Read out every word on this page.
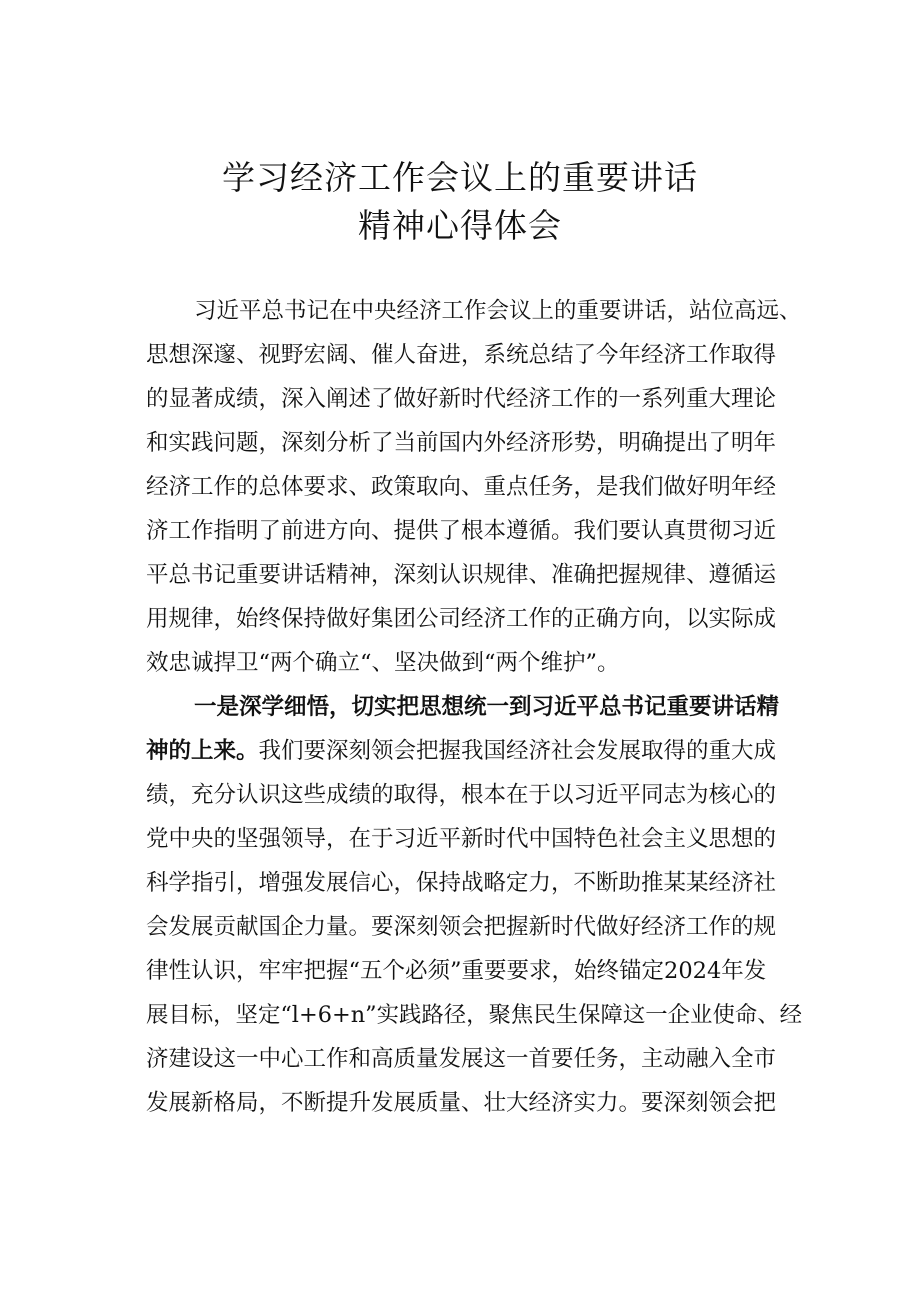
学习经济工作会议上的重要讲话
精神心得体会
习近平总书记在中央经济工作会议上的重要讲话，站位高远、
思想深邃、视野宏阔、催人奋进，系统总结了今年经济工作取得
的显著成绩，深入阐述了做好新时代经济工作的一系列重大理论
和实践问题，深刻分析了当前国内外经济形势，明确提出了明年
经济工作的总体要求、政策取向、重点任务，是我们做好明年经
济工作指明了前进方向、提供了根本遵循。我们要认真贯彻习近
平总书记重要讲话精神，深刻认识规律、准确把握规律、遵循运
用规律，始终保持做好集团公司经济工作的正确方向，以实际成
效忠诚捍卫“两个确立“、坚决做到“两个维护”。
一是深学细悟，切实把思想统一到习近平总书记重要讲话精
神的上来。我们要深刻领会把握我国经济社会发展取得的重大成
绩，充分认识这些成绩的取得，根本在于以习近平同志为核心的
党中央的坚强领导，在于习近平新时代中国特色社会主义思想的
科学指引，增强发展信心，保持战略定力，不断助推某某经济社
会发展贡献国企力量。要深刻领会把握新时代做好经济工作的规
律性认识，牢牢把握“五个必须”重要要求，始终锚定2024年发
展目标，坚定“l+6+n”实践路径，聚焦民生保障这一企业使命、经
济建设这一中心工作和高质量发展这一首要任务，主动融入全市
发展新格局，不断提升发展质量、壮大经济实力。要深刻领会把
